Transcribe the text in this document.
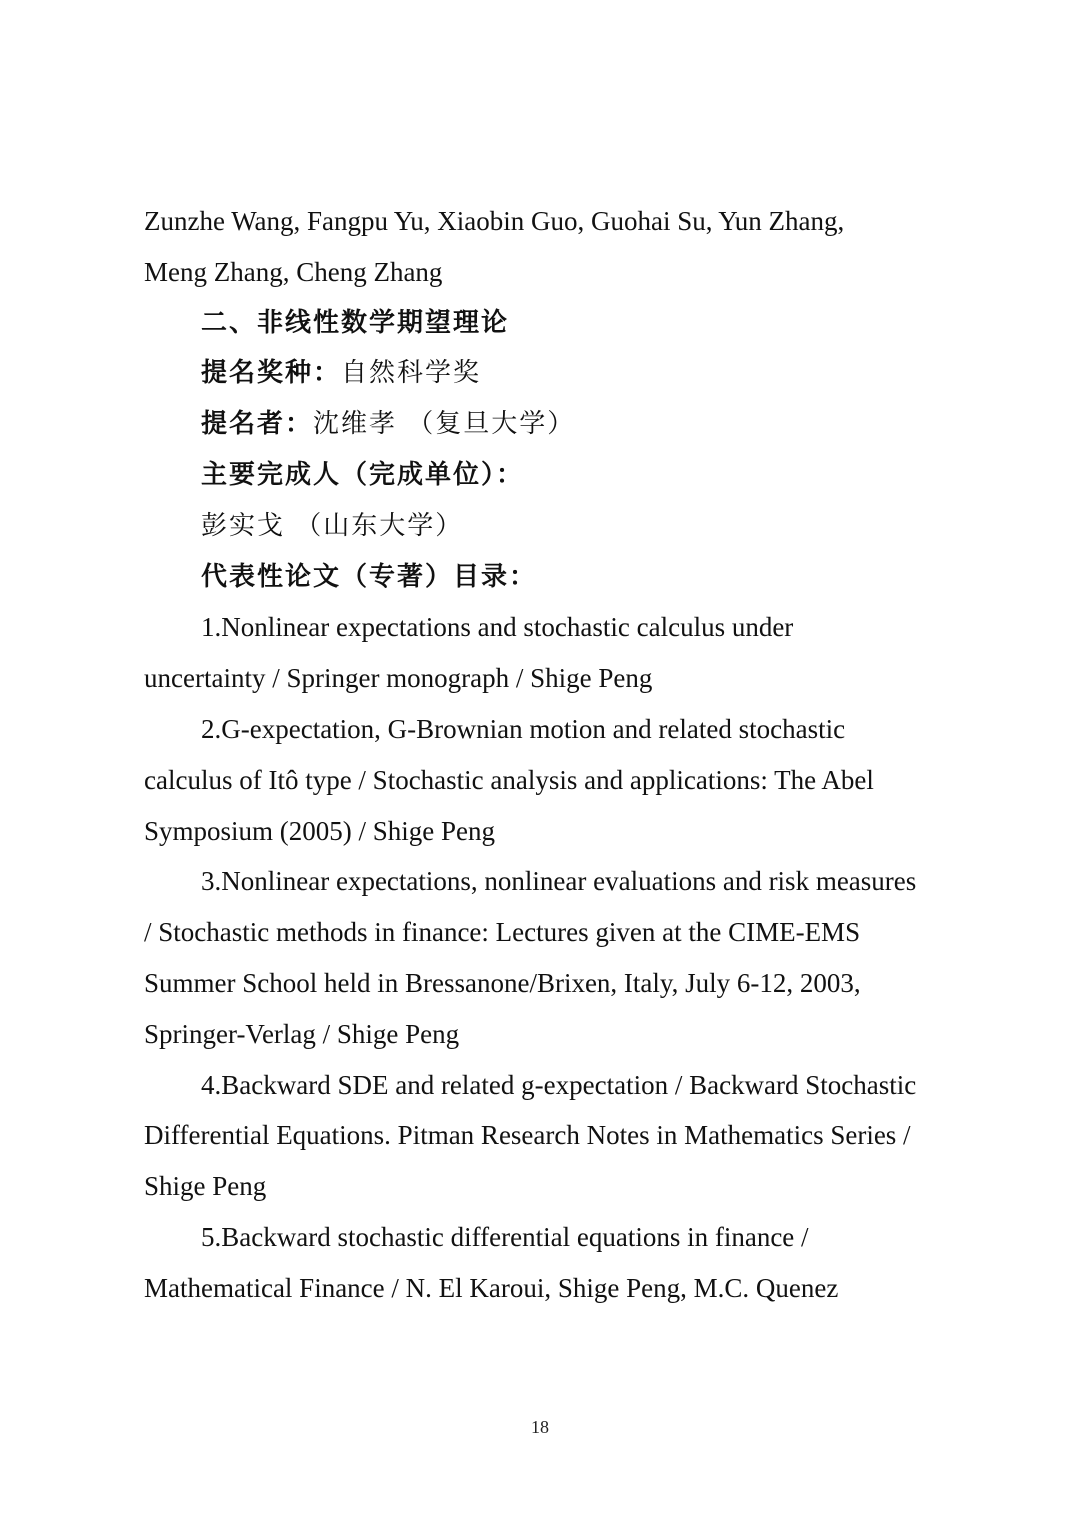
Zunzhe Wang, Fangpu Yu, Xiaobin Guo, Guohai Su, Yun Zhang,

Meng Zhang, Cheng Zhang

二、非线性数学期望理论

提名奖种：自然科学奖

提名者：沈维孝 （复旦大学）

主要完成人（完成单位）：

彭实戈 （山东大学）

代表性论文（专著）目录：

1.Nonlinear expectations and stochastic calculus under

uncertainty / Springer monograph / Shige Peng

2.G-expectation, G-Brownian motion and related stochastic

calculus of Itô type / Stochastic analysis and applications: The Abel

Symposium (2005) / Shige Peng

3.Nonlinear expectations, nonlinear evaluations and risk measures

/ Stochastic methods in finance: Lectures given at the CIME-EMS

Summer School held in Bressanone/Brixen, Italy, July 6-12, 2003,

Springer-Verlag / Shige Peng

4.Backward SDE and related g-expectation / Backward Stochastic

Differential Equations. Pitman Research Notes in Mathematics Series /

Shige Peng

5.Backward stochastic differential equations in finance /

Mathematical Finance / N. El Karoui, Shige Peng, M.C. Quenez

18
